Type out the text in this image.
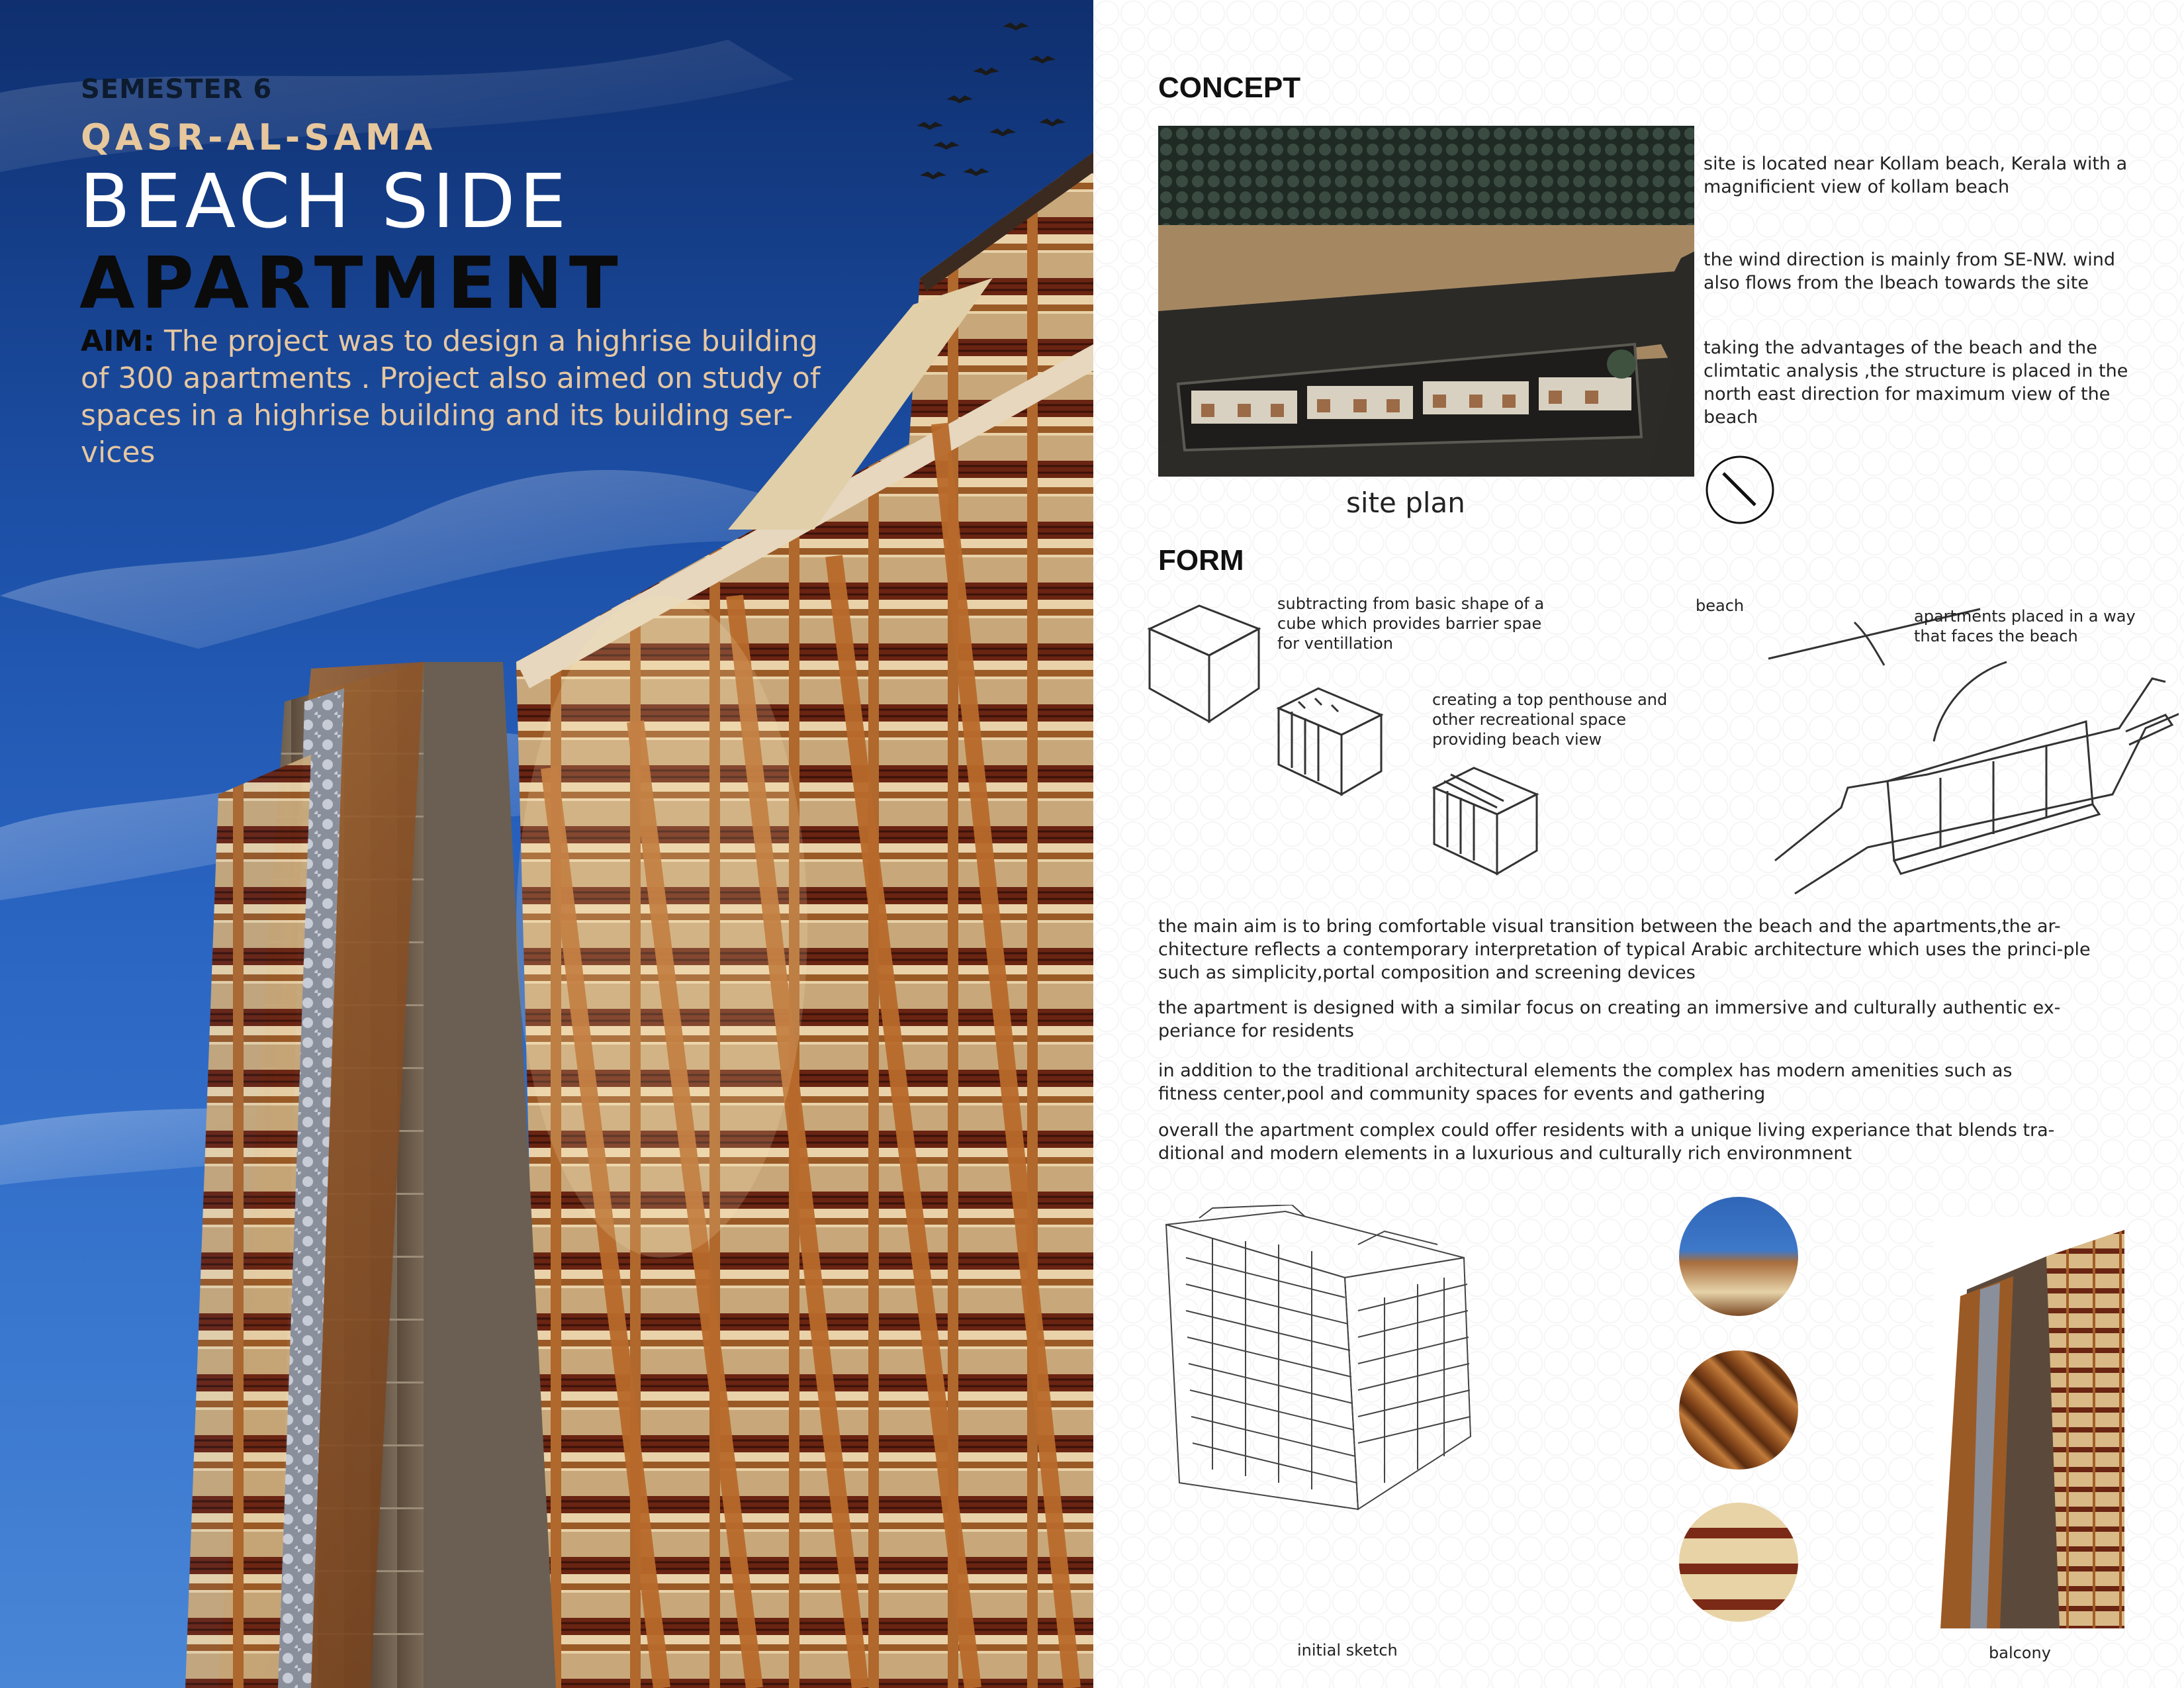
SEMESTER 6
QASR-AL-SAMA
BEACH SIDE
APARTMENT
AIM: The project was to design a highrise building of 300 apartments . Project also aimed on study of spaces in a highrise building and its building ser-vices
CONCEPT
site plan
site is located near Kollam beach, Kerala with a magnificient view of kollam beach
the wind direction is mainly from SE-NW. wind also flows from the lbeach towards the site
taking the advantages of the beach and the climtatic analysis ,the structure is placed in the north east direction for maximum view of the beach
FORM
subtracting from basic shape of a cube which provides barrier spae for ventillation
creating a top penthouse and other recreational space providing beach view
beach
apartments placed in a way that faces the beach
the main aim is to bring comfortable visual transition between the beach and the apartments,the ar-chitecture reflects a contemporary interpretation of typical Arabic architecture which uses the princi-ple such as simplicity,portal composition and screening devices
the apartment is designed with a similar focus on creating an immersive and culturally authentic ex-periance for residents
in addition to the traditional architectural elements the complex has modern amenities such as fitness center,pool and community spaces for events and gathering
overall the apartment complex could offer residents with a unique living experiance that blends tra-ditional and modern elements in a luxurious and culturally rich environmnent
initial sketch	balcony
